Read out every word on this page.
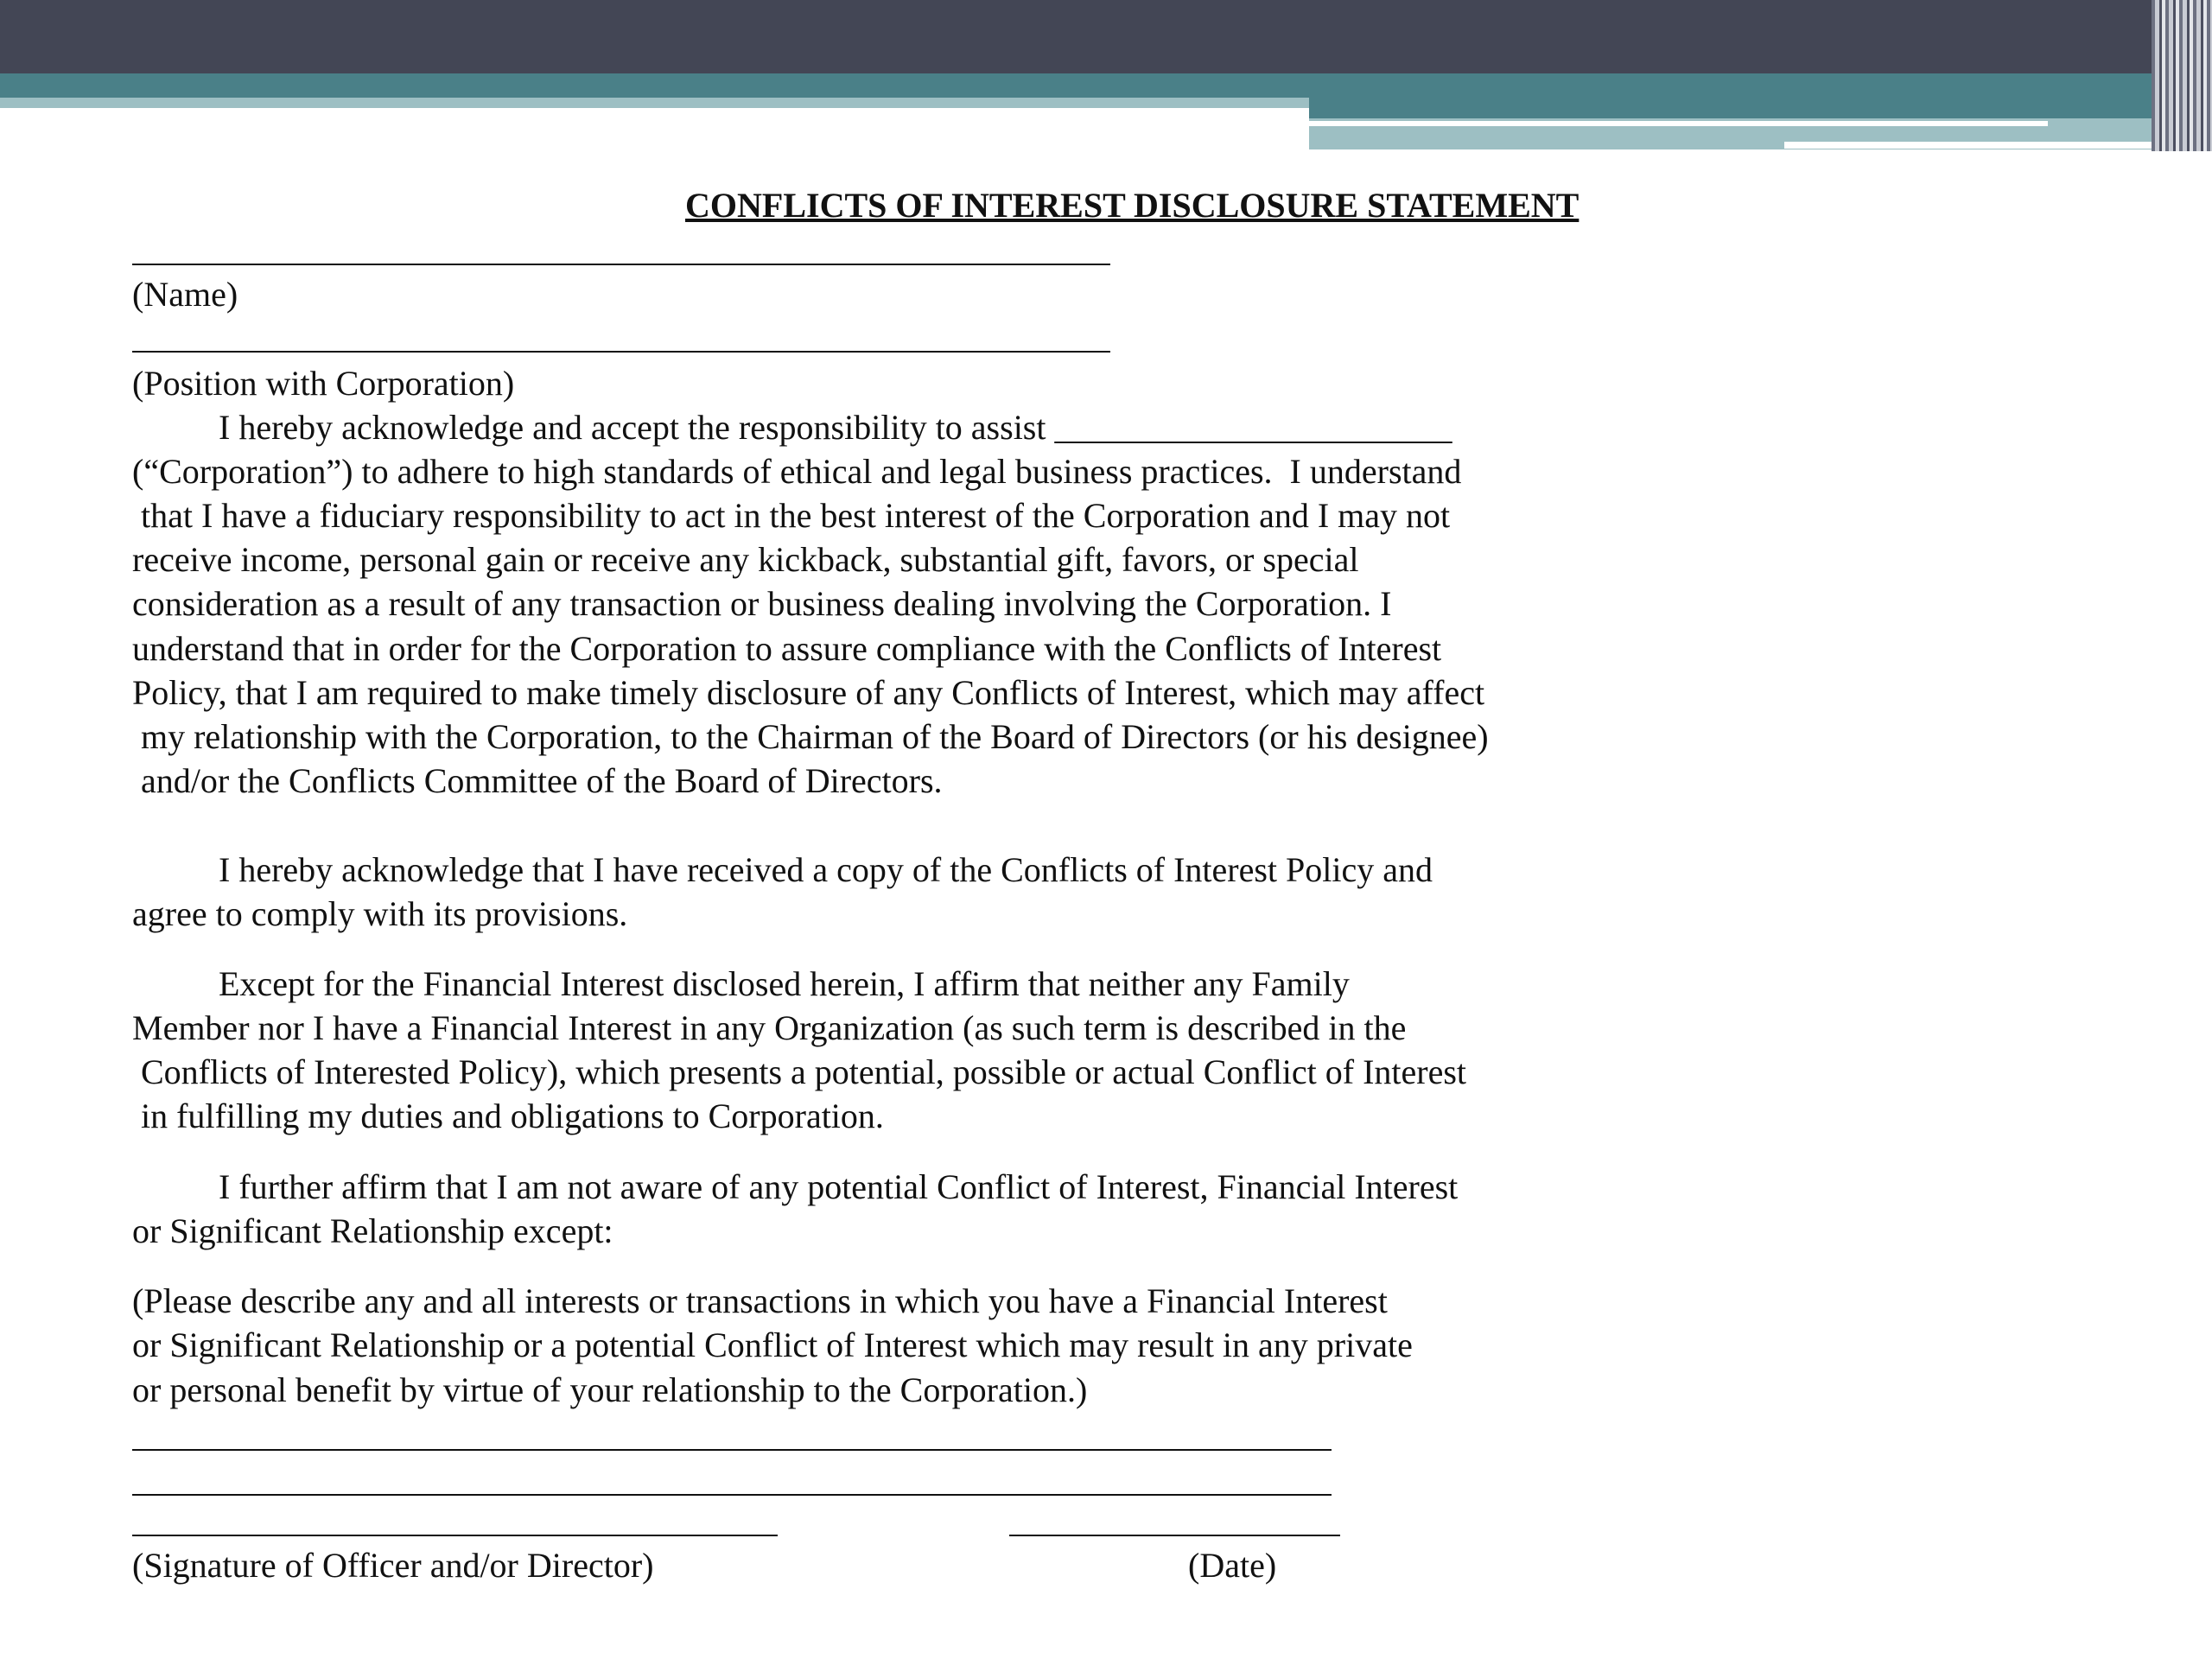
CONFLICTS OF INTEREST DISCLOSURE STATEMENT
(Name)
(Position with Corporation)
I hereby acknowledge and accept the responsibility to assist _______________________
(“Corporation”) to adhere to high standards of ethical and legal business practices.  I understand
that I have a fiduciary responsibility to act in the best interest of the Corporation and I may not
receive income, personal gain or receive any kickback, substantial gift, favors, or special
consideration as a result of any transaction or business dealing involving the Corporation. I
understand that in order for the Corporation to assure compliance with the Conflicts of Interest
Policy, that I am required to make timely disclosure of any Conflicts of Interest, which may affect
my relationship with the Corporation, to the Chairman of the Board of Directors (or his designee)
and/or the Conflicts Committee of the Board of Directors.
I hereby acknowledge that I have received a copy of the Conflicts of Interest Policy and
agree to comply with its provisions.
Except for the Financial Interest disclosed herein, I affirm that neither any Family
Member nor I have a Financial Interest in any Organization (as such term is described in the
Conflicts of Interested Policy), which presents a potential, possible or actual Conflict of Interest
in fulfilling my duties and obligations to Corporation.
I further affirm that I am not aware of any potential Conflict of Interest, Financial Interest
or Significant Relationship except:
(Please describe any and all interests or transactions in which you have a Financial Interest
or Significant Relationship or a potential Conflict of Interest which may result in any private
or personal benefit by virtue of your relationship to the Corporation.)
(Signature of Officer and/or Director)	(Date)
